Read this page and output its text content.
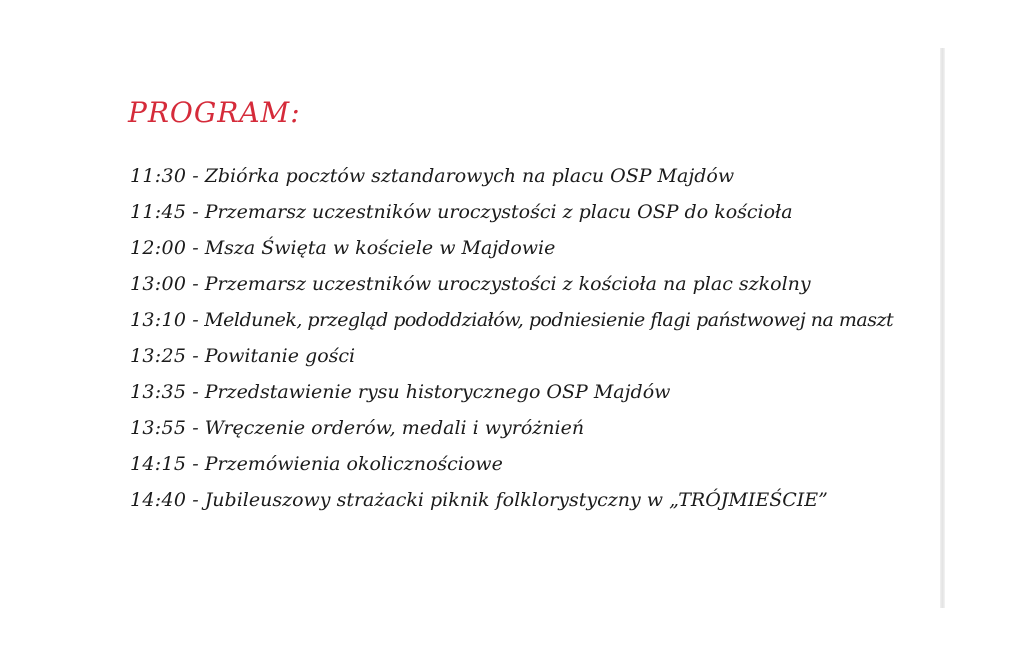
PROGRAM:
11:30 - Zbiórka pocztów sztandarowych na placu OSP Majdów
11:45 - Przemarsz uczestników uroczystości z placu OSP do kościoła
12:00 - Msza Święta w kościele w Majdowie
13:00 - Przemarsz uczestników uroczystości z kościoła na plac szkolny
13:10 - Meldunek, przegląd pododdziałów, podniesienie flagi państwowej na maszt
13:25 - Powitanie gości
13:35 - Przedstawienie rysu historycznego OSP Majdów
13:55 - Wręczenie orderów, medali i wyróżnień
14:15 - Przemówienia okolicznościowe
14:40 - Jubileuszowy strażacki piknik folklorystyczny w „TRÓJMIEŚCIE”
